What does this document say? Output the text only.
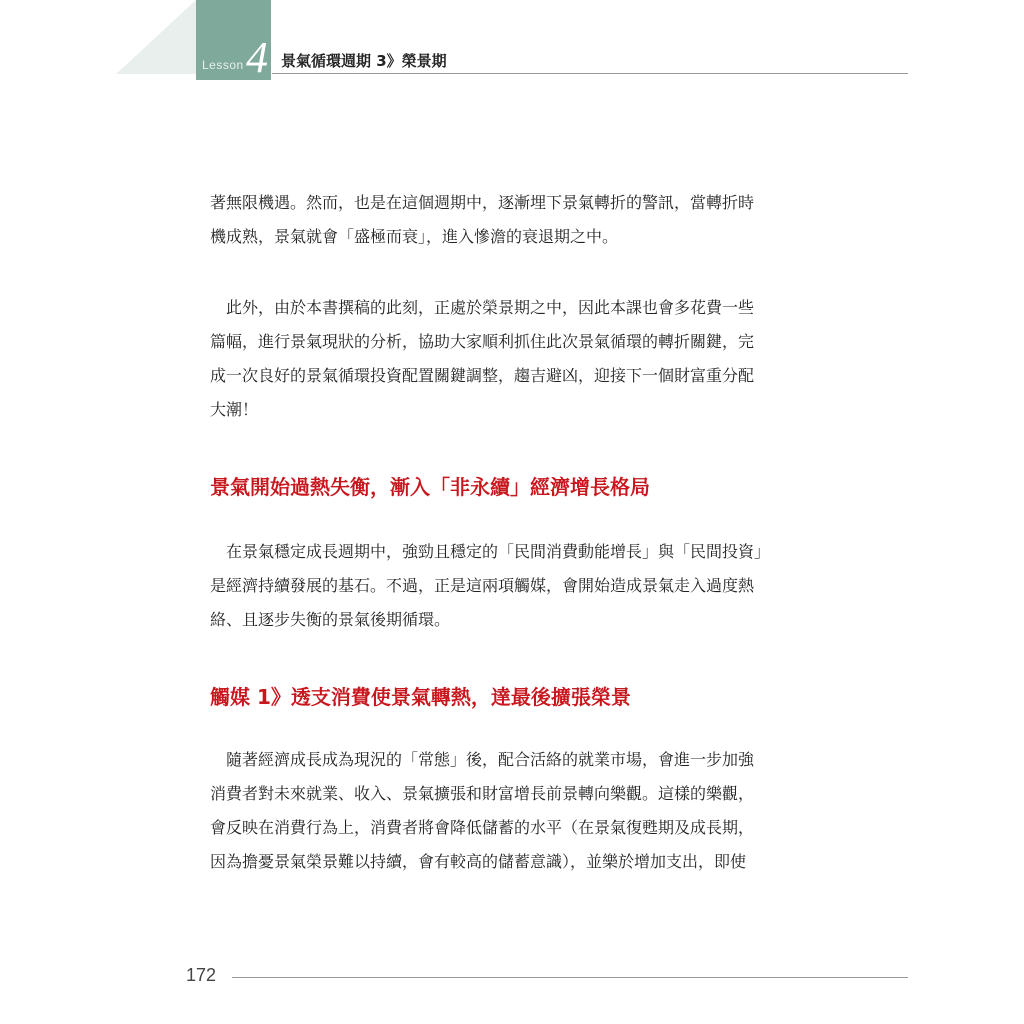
Lesson 4 景氣循環週期 3》榮景期
著無限機遇。然而，也是在這個週期中，逐漸埋下景氣轉折的警訊，當轉折時
機成熟，景氣就會「盛極而衰」，進入慘澹的衰退期之中。
　此外，由於本書撰稿的此刻，正處於榮景期之中，因此本課也會多花費一些
篇幅，進行景氣現狀的分析，協助大家順利抓住此次景氣循環的轉折關鍵，完
成一次良好的景氣循環投資配置關鍵調整，趨吉避凶，迎接下一個財富重分配
大潮！
景氣開始過熱失衡，漸入「非永續」經濟增長格局
　在景氣穩定成長週期中，強勁且穩定的「民間消費動能增長」與「民間投資」
是經濟持續發展的基石。不過，正是這兩項觸媒，會開始造成景氣走入過度熱
絡、且逐步失衡的景氣後期循環。
觸媒 1》透支消費使景氣轉熱，達最後擴張榮景
　隨著經濟成長成為現況的「常態」後，配合活絡的就業市場，會進一步加強
消費者對未來就業、收入、景氣擴張和財富增長前景轉向樂觀。這樣的樂觀，
會反映在消費行為上，消費者將會降低儲蓄的水平（在景氣復甦期及成長期，
因為擔憂景氣榮景難以持續，會有較高的儲蓄意識），並樂於增加支出，即使
172
